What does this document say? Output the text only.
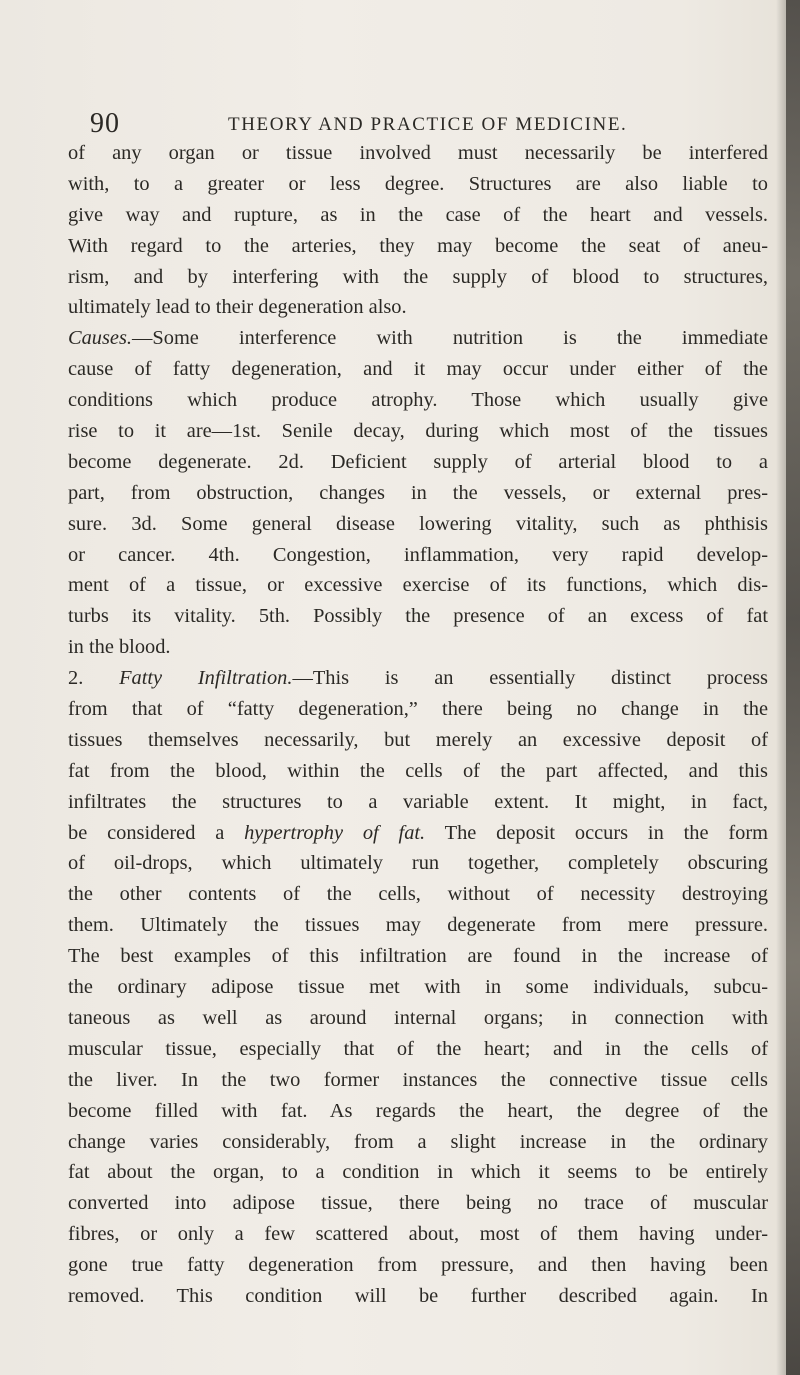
90	THEORY AND PRACTICE OF MEDICINE.
of any organ or tissue involved must necessarily be interfered
with, to a greater or less degree. Structures are also liable to
give way and rupture, as in the case of the heart and vessels.
With regard to the arteries, they may become the seat of aneu-
rism, and by interfering with the supply of blood to structures,
ultimately lead to their degeneration also.
Causes.—Some interference with nutrition is the immediate
cause of fatty degeneration, and it may occur under either of the
conditions which produce atrophy. Those which usually give
rise to it are—1st. Senile decay, during which most of the tissues
become degenerate. 2d. Deficient supply of arterial blood to a
part, from obstruction, changes in the vessels, or external pres-
sure. 3d. Some general disease lowering vitality, such as phthisis
or cancer. 4th. Congestion, inflammation, very rapid develop-
ment of a tissue, or excessive exercise of its functions, which dis-
turbs its vitality. 5th. Possibly the presence of an excess of fat
in the blood.
2. Fatty Infiltration.—This is an essentially distinct process
from that of “fatty degeneration,” there being no change in the
tissues themselves necessarily, but merely an excessive deposit of
fat from the blood, within the cells of the part affected, and this
infiltrates the structures to a variable extent. It might, in fact,
be considered a hypertrophy of fat. The deposit occurs in the form
of oil-drops, which ultimately run together, completely obscuring
the other contents of the cells, without of necessity destroying
them. Ultimately the tissues may degenerate from mere pressure.
The best examples of this infiltration are found in the increase of
the ordinary adipose tissue met with in some individuals, subcu-
taneous as well as around internal organs; in connection with
muscular tissue, especially that of the heart; and in the cells of
the liver. In the two former instances the connective tissue cells
become filled with fat. As regards the heart, the degree of the
change varies considerably, from a slight increase in the ordinary
fat about the organ, to a condition in which it seems to be entirely
converted into adipose tissue, there being no trace of muscular
fibres, or only a few scattered about, most of them having under-
gone true fatty degeneration from pressure, and then having been
removed. This condition will be further described again. In
